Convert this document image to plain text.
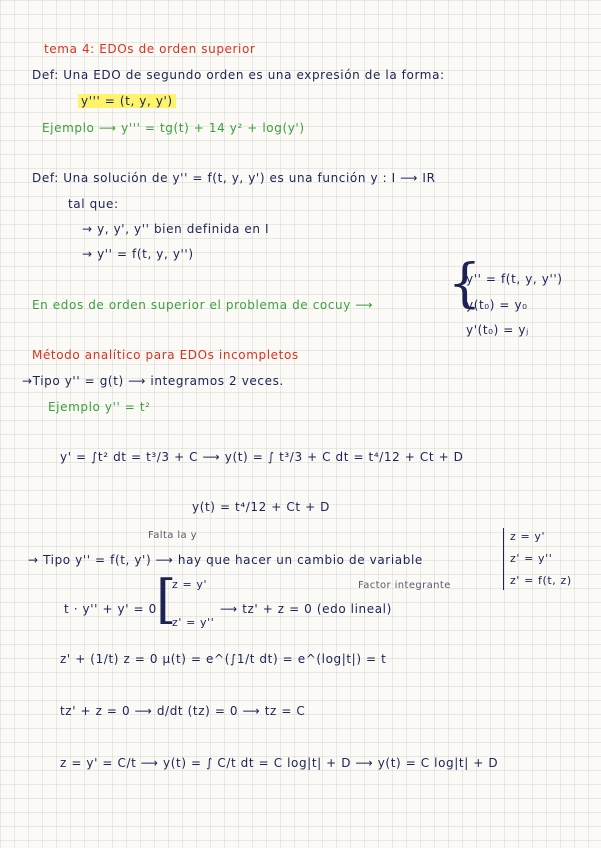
tema 4: EDOs de orden superior
Def: Una EDO de segundo orden es una expresión de la forma:
y''' = (t, y, y')
Ejemplo ⟶ y''' = tg(t) + 14 y² + log(y')
Def: Una solución de y'' = f(t, y, y') es una función y : I ⟶ IR
tal que:
→ y, y', y'' bien definida en I
→ y'' = f(t, y, y'')
En edos de orden superior el problema de cocuy ⟶ {
y'' = f(t, y, y'')
y(t₀) = y₀
y'(t₀) = yⱼ
Método analítico para EDOs incompletos
→Tipo y'' = g(t) ⟶ integramos 2 veces.
Ejemplo y'' = t²
y' = ∫t² dt = t³/3 + C ⟶ y(t) = ∫ t³/3 + C dt = t⁴/12 + Ct + D
y(t) = t⁴/12 + Ct + D
Falta la y
→ Tipo y'' = f(t, y') ⟶ hay que hacer un cambio de variable
z = y'
z' = y''
z' = f(t, z)
[
z = y'
t · y'' + y' = 0
z' = y''
⟶ tz' + z = 0 (edo lineal)
Factor integrante
z' + (1/t) z = 0 μ(t) = e^(∫1/t dt) = e^(log|t|) = t
tz' + z = 0 ⟶ d/dt (tz) = 0 ⟶ tz = C
z = y' = C/t ⟶ y(t) = ∫ C/t dt = C log|t| + D ⟶ y(t) = C log|t| + D
